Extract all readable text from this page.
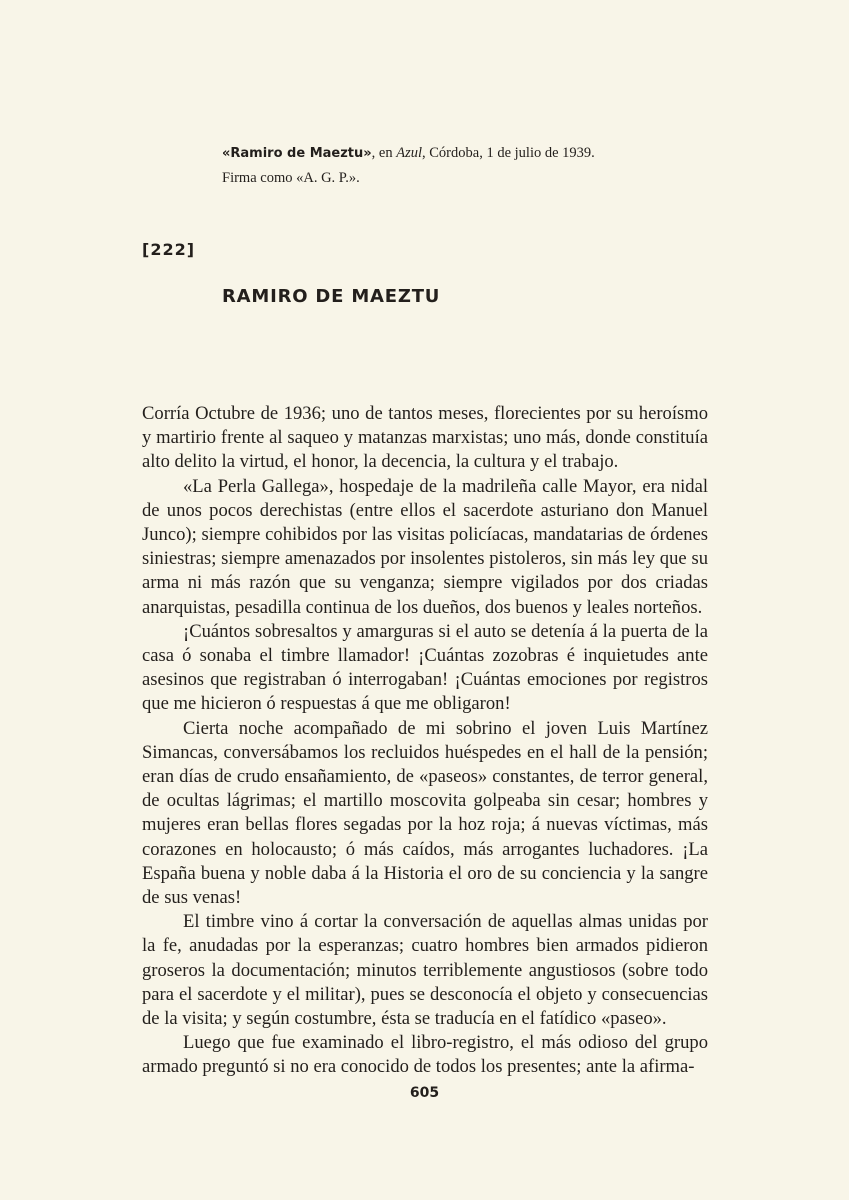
«Ramiro de Maeztu», en Azul, Córdoba, 1 de julio de 1939.
Firma como «A. G. P.».
[222]
RAMIRO DE MAEZTU

Corría Octubre de 1936; uno de tantos meses, florecientes por su heroísmo y martirio frente al saqueo y matanzas marxistas; uno más, donde constituía alto delito la virtud, el honor, la decencia, la cultura y el trabajo.

«La Perla Gallega», hospedaje de la madrileña calle Mayor, era nidal de unos pocos derechistas (entre ellos el sacerdote asturiano don Manuel Junco); siempre cohibidos por las visitas policíacas, mandatarias de órdenes siniestras; siempre amenazados por insolentes pistoleros, sin más ley que su arma ni más razón que su venganza; siempre vigilados por dos criadas anarquistas, pesadilla continua de los dueños, dos buenos y leales norteños.

¡Cuántos sobresaltos y amarguras si el auto se detenía á la puerta de la casa ó sonaba el timbre llamador! ¡Cuántas zozobras é inquietudes ante asesinos que registraban ó interrogaban! ¡Cuántas emociones por registros que me hicieron ó respuestas á que me obligaron!

Cierta noche acompañado de mi sobrino el joven Luis Martínez Simancas, conversábamos los recluidos huéspedes en el hall de la pensión; eran días de crudo ensañamiento, de «paseos» constantes, de terror general, de ocultas lágrimas; el martillo moscovita golpeaba sin cesar; hombres y mujeres eran bellas flores segadas por la hoz roja; á nuevas víctimas, más corazones en holocausto; ó más caídos, más arrogantes luchadores. ¡La España buena y noble daba á la Historia el oro de su conciencia y la sangre de sus venas!

El timbre vino á cortar la conversación de aquellas almas unidas por la fe, anudadas por la esperanzas; cuatro hombres bien armados pidieron groseros la documentación; minutos terriblemente angustiosos (sobre todo para el sacerdote y el militar), pues se desconocía el objeto y consecuencias de la visita; y según costumbre, ésta se traducía en el fatídico «paseo».

Luego que fue examinado el libro-registro, el más odioso del grupo armado preguntó si no era conocido de todos los presentes; ante la afirma-

605
